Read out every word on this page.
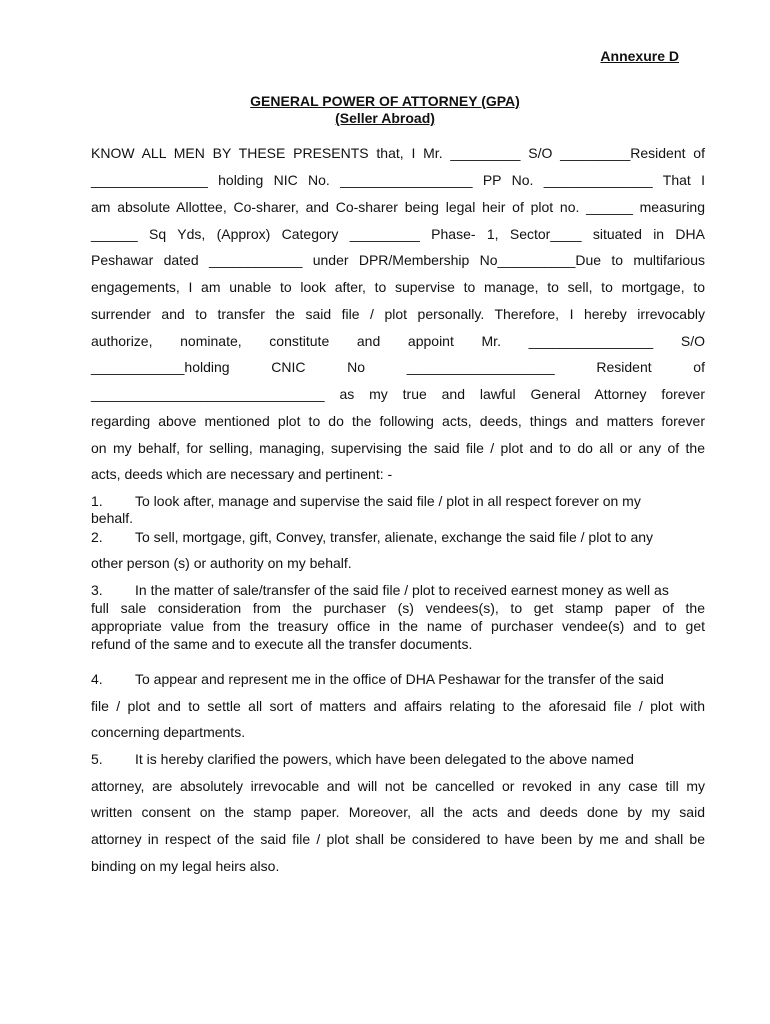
Annexure D
GENERAL POWER OF ATTORNEY (GPA)
(Seller Abroad)
KNOW ALL MEN BY THESE PRESENTS that, I Mr. _________ S/O _________Resident of
_______________ holding NIC No. _________________ PP No. ______________ That I
am absolute Allottee, Co-sharer, and Co-sharer being legal heir of plot no. ______ measuring
______ Sq Yds, (Approx) Category _________ Phase- 1, Sector____ situated in DHA
Peshawar dated ____________ under DPR/Membership No__________Due to multifarious
engagements, I am unable to look after, to supervise to manage, to sell, to mortgage, to
surrender and to transfer the said file / plot personally. Therefore, I hereby irrevocably
authorize, nominate, constitute and appoint Mr. ________________ S/O
____________holding CNIC No ___________________ Resident of
______________________________ as my true and lawful General Attorney forever
regarding above mentioned plot to do the following acts, deeds, things and matters forever
on my behalf, for selling, managing, supervising the said file / plot and to do all or any of the
acts, deeds which are necessary and pertinent: -
1. To look after, manage and supervise the said file / plot in all respect forever on my
behalf.
2. To sell, mortgage, gift, Convey, transfer, alienate, exchange the said file / plot to any
other person (s) or authority on my behalf.
3. In the matter of sale/transfer of the said file / plot to received earnest money as well as
full sale consideration from the purchaser (s) vendees(s), to get stamp paper of the
appropriate value from the treasury office in the name of purchaser vendee(s) and to get
refund of the same and to execute all the transfer documents.
4. To appear and represent me in the office of DHA Peshawar for the transfer of the said
file / plot and to settle all sort of matters and affairs relating to the aforesaid file / plot with
concerning departments.
5. It is hereby clarified the powers, which have been delegated to the above named
attorney, are absolutely irrevocable and will not be cancelled or revoked in any case till my
written consent on the stamp paper. Moreover, all the acts and deeds done by my said
attorney in respect of the said file / plot shall be considered to have been by me and shall be
binding on my legal heirs also.
